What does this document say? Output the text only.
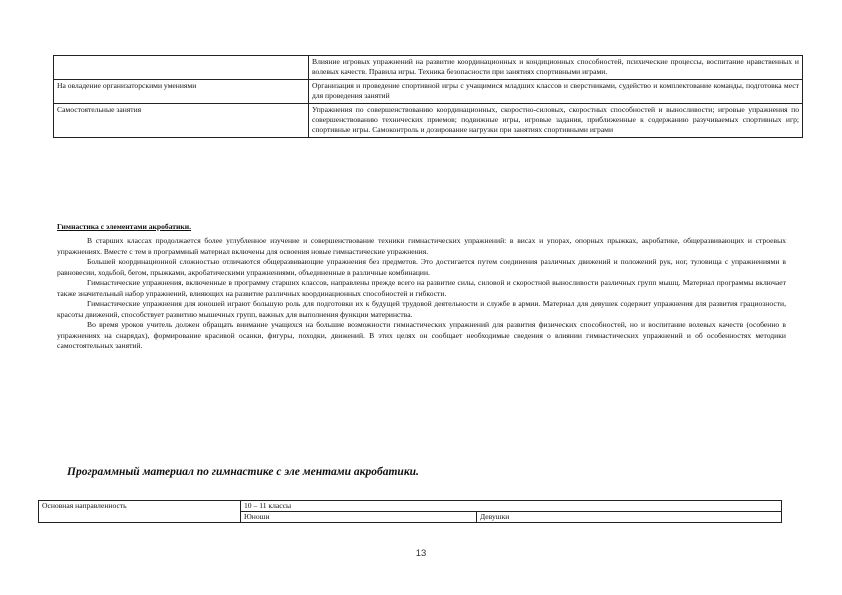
	Влияние игровых упражнений на развитие координационных и кондиционных способностей, психические процессы, воспитание нравственных и волевых качеств. Правила игры. Техника безопасности при занятиях спортивными играми.
На овладение организаторскими умениями	Организация и проведение спортивной игры с учащимися младших классов и сверстниками, судейство и комплектование команды, подготовка мест для проведения занятий
Самостоятельные занятия	Упражнения по совершенствованию координационных, скоростно-силовых, скоростных способностей и выносливости; игровые упражнения по совершенствованию технических приемов; подвижные игры, игровые задания, приближенные к содержанию разучиваемых спортивных игр; спортивные игры. Самоконтроль и дозирование нагрузки при занятиях спортивными играми
Гимнастика с элементами акробатики.

В старших классах продолжается более углубленное изучение и совершенствование техники гимнастических упражнений: в висах и упорах, опорных прыжках, акробатике, общеразвивающих и строевых упражнениях. Вместе с тем в программный материал включены для освоения новые гимнастические упражнения.

Большей координационной сложностью отличаются общеразвивающие упражнения без предметов. Это достигается путем соединения различных движений и положений рук, ног, туловища с упражнениями в равновесии, ходьбой, бегом, прыжками, акробатическими упражнениями, объединенные в различные комбинации.

Гимнастические упражнения, включенные в программу старших классов, направлены прежде всего на развитие силы, силовой и скоростной выносливости различных групп мышц. Материал программы включает также значительный набор упражнений, влияющих на развитие различных координационных способностей и гибкости.

Гимнастические упражнения для юношей играют большую роль для подготовки их к будущей трудовой деятельности и службе в армии. Материал для девушек содержит упражнения для развития грациозности, красоты движений, способствует развитию мышечных групп, важных для выполнения функции материнства.

Во время уроков учитель должен обращать внимание учащихся на большие возможности гимнастических упражнений для развития физических способностей, но и воспитание волевых качеств (особенно в упражнениях на снарядах), формирование красивой осанки, фигуры, походки, движений. В этих целях он сообщает необходимые сведения о влиянии гимнастических упражнений и об особенностях методики самостоятельных занятий.

Программный материал по гимнастике с эле ментами акробатики.
Основная направленность	10 – 11 классы	
	Юноши	Девушки
13
